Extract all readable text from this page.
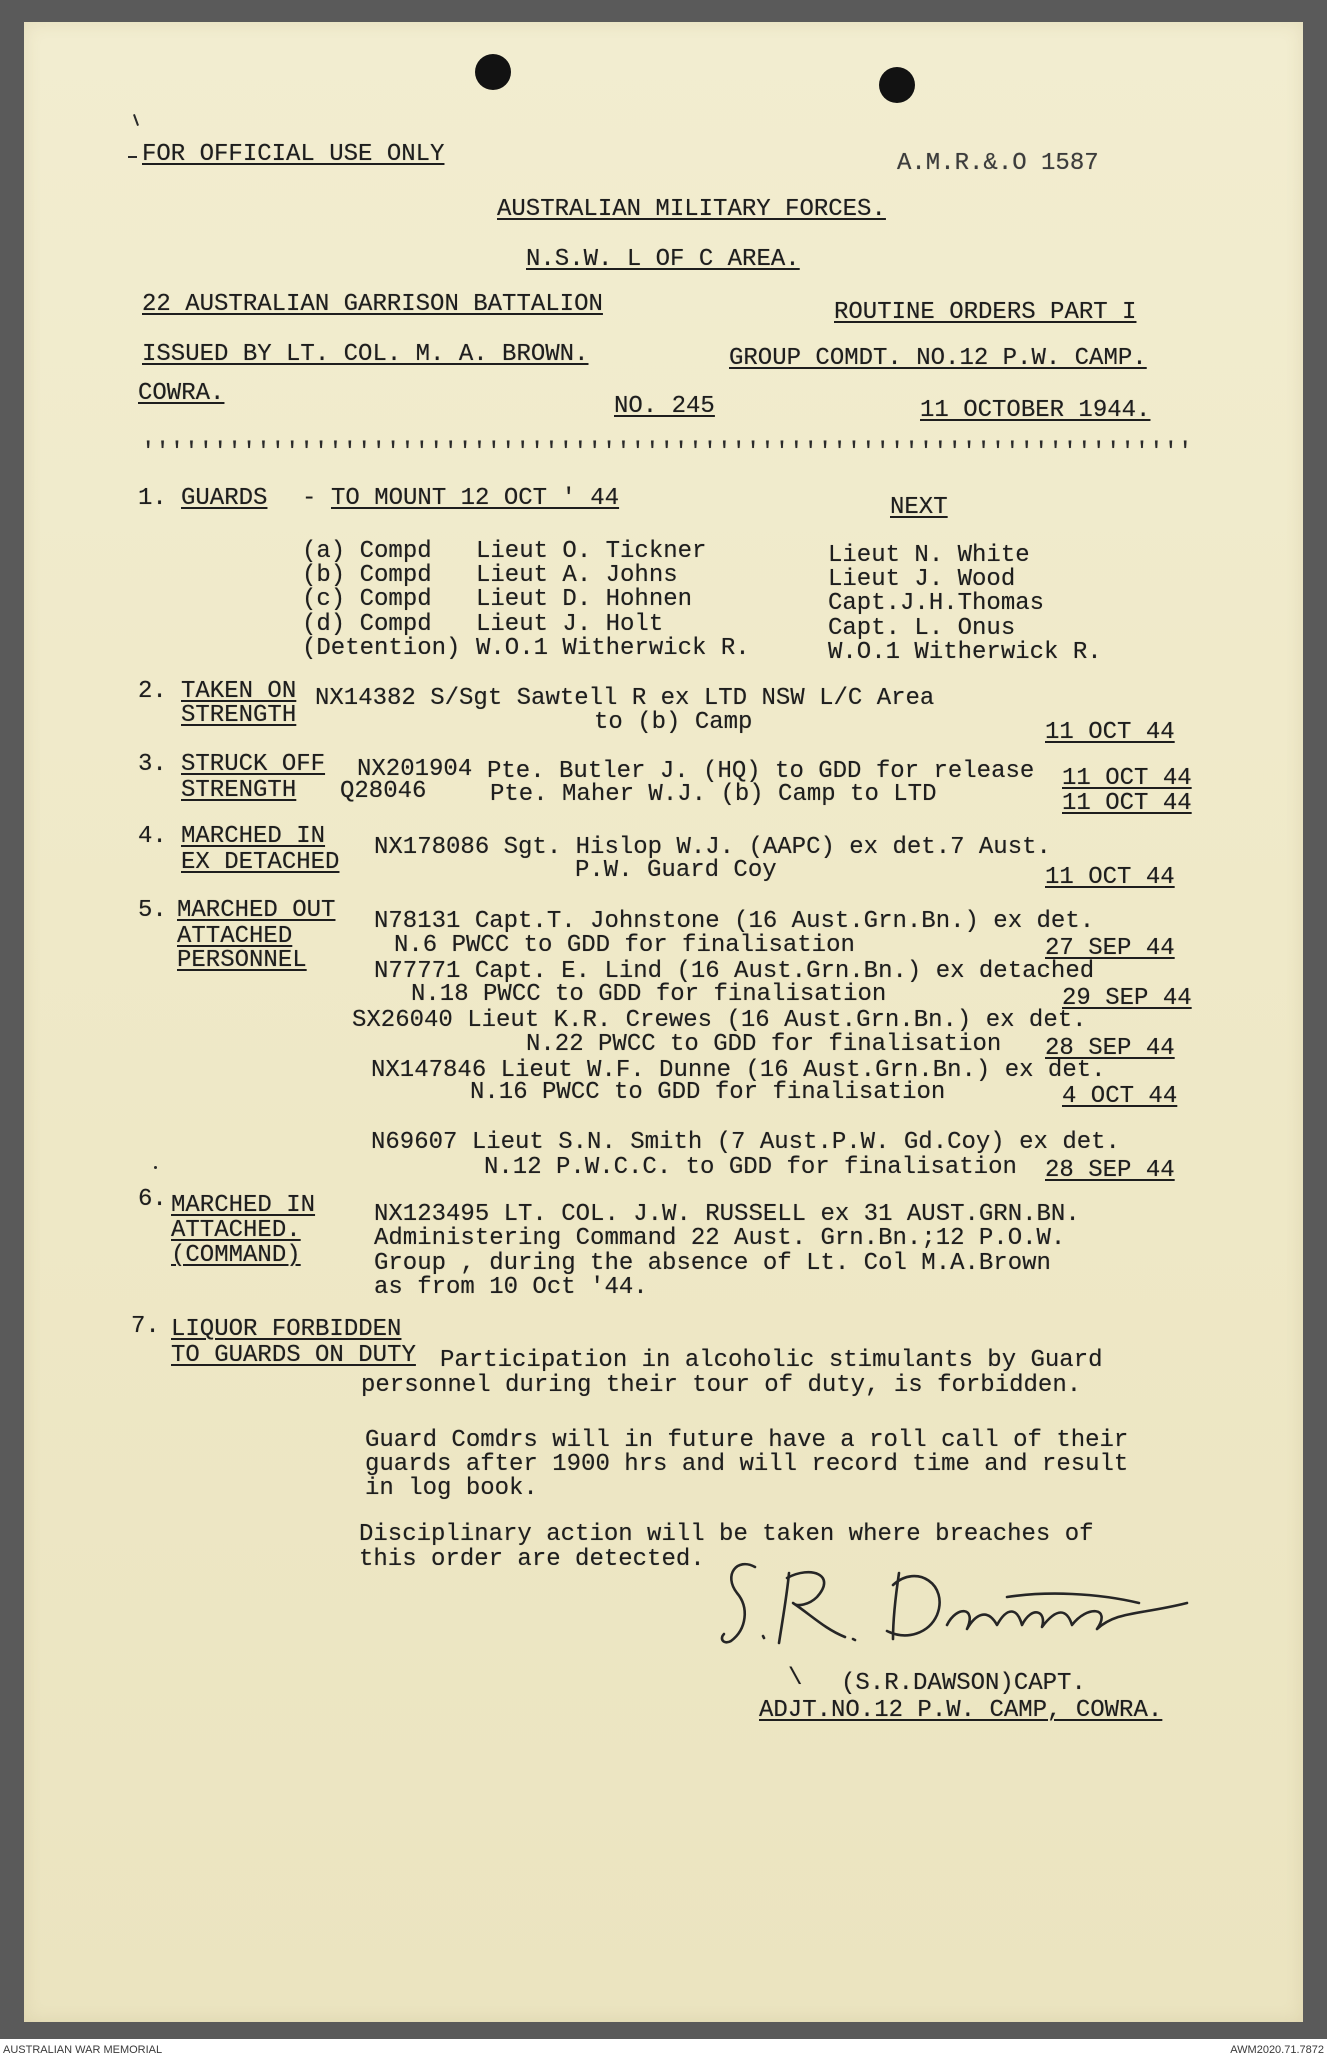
FOR OFFICIAL USE ONLY	A.M.R.&.O 1587
AUSTRALIAN MILITARY FORCES.
N.S.W. L OF C AREA.
22 AUSTRALIAN GARRISON BATTALION	ROUTINE ORDERS PART I
ISSUED BY LT. COL. M. A. BROWN.	GROUP COMDT. NO.12 P.W. CAMP.
COWRA.	NO. 245	11 OCTOBER 1944.
'''''''''''''''''''''''''''''''''''''''''''''''''''''''''''''''''''''''''
1. GUARDS - TO MOUNT 12 OCT ' 44	NEXT
(a) Compd Lieut O. Tickner	Lieut N. White
(b) Compd Lieut A. Johns	Lieut J. Wood
(c) Compd Lieut D. Hohnen	Capt.J.H.Thomas
(d) Compd Lieut J. Holt	Capt. L. Onus
(Detention) W.O.1 Witherwick R.	W.O.1 Witherwick R.
2. TAKEN ON
STRENGTH
NX14382 S/Sgt Sawtell R ex LTD NSW L/C Area
to (b) Camp	11 OCT 44
3. STRUCK OFF
STRENGTH
NX201904 Pte. Butler J. (HQ) to GDD for release 11 OCT 44
Q28046	Pte. Maher W.J. (b) Camp to LTD	11 OCT 44
4. MARCHED IN
EX DETACHED
NX178086 Sgt. Hislop W.J. (AAPC) ex det.7 Aust.
P.W. Guard Coy	11 OCT 44
5. MARCHED OUT
ATTACHED
PERSONNEL
N78131 Capt.T. Johnstone (16 Aust.Grn.Bn.) ex det.
N.6 PWCC to GDD for finalisation	27 SEP 44
N77771 Capt. E. Lind (16 Aust.Grn.Bn.) ex detached
N.18 PWCC to GDD for finalisation	29 SEP 44
SX26040 Lieut K.R. Crewes (16 Aust.Grn.Bn.) ex det.
N.22 PWCC to GDD for finalisation 28 SEP 44
NX147846 Lieut W.F. Dunne (16 Aust.Grn.Bn.) ex det.
N.16 PWCC to GDD for finalisation	4 OCT 44
N69607 Lieut S.N. Smith (7 Aust.P.W. Gd.Coy) ex det.
N.12 P.W.C.C. to GDD for finalisation 28 SEP 44
6. MARCHED IN
ATTACHED.
(COMMAND)
NX123495 LT. COL. J.W. RUSSELL ex 31 AUST.GRN.BN.
Administering Command 22 Aust. Grn.Bn.;12 P.O.W.
Group , during the absence of Lt. Col M.A.Brown
as from 10 Oct '44.
7. LIQUOR FORBIDDEN
TO GUARDS ON DUTY Participation in alcoholic stimulants by Guard
personnel during their tour of duty, is forbidden.
Guard Comdrs will in future have a roll call of their
guards after 1900 hrs and will record time and result
in log book.
Disciplinary action will be taken where breaches of
this order are detected.
\ (S.R.DAWSON)CAPT.
ADJT.NO.12 P.W. CAMP, COWRA.
AUSTRALIAN WAR MEMORIAL	AWM2020.71.7872
